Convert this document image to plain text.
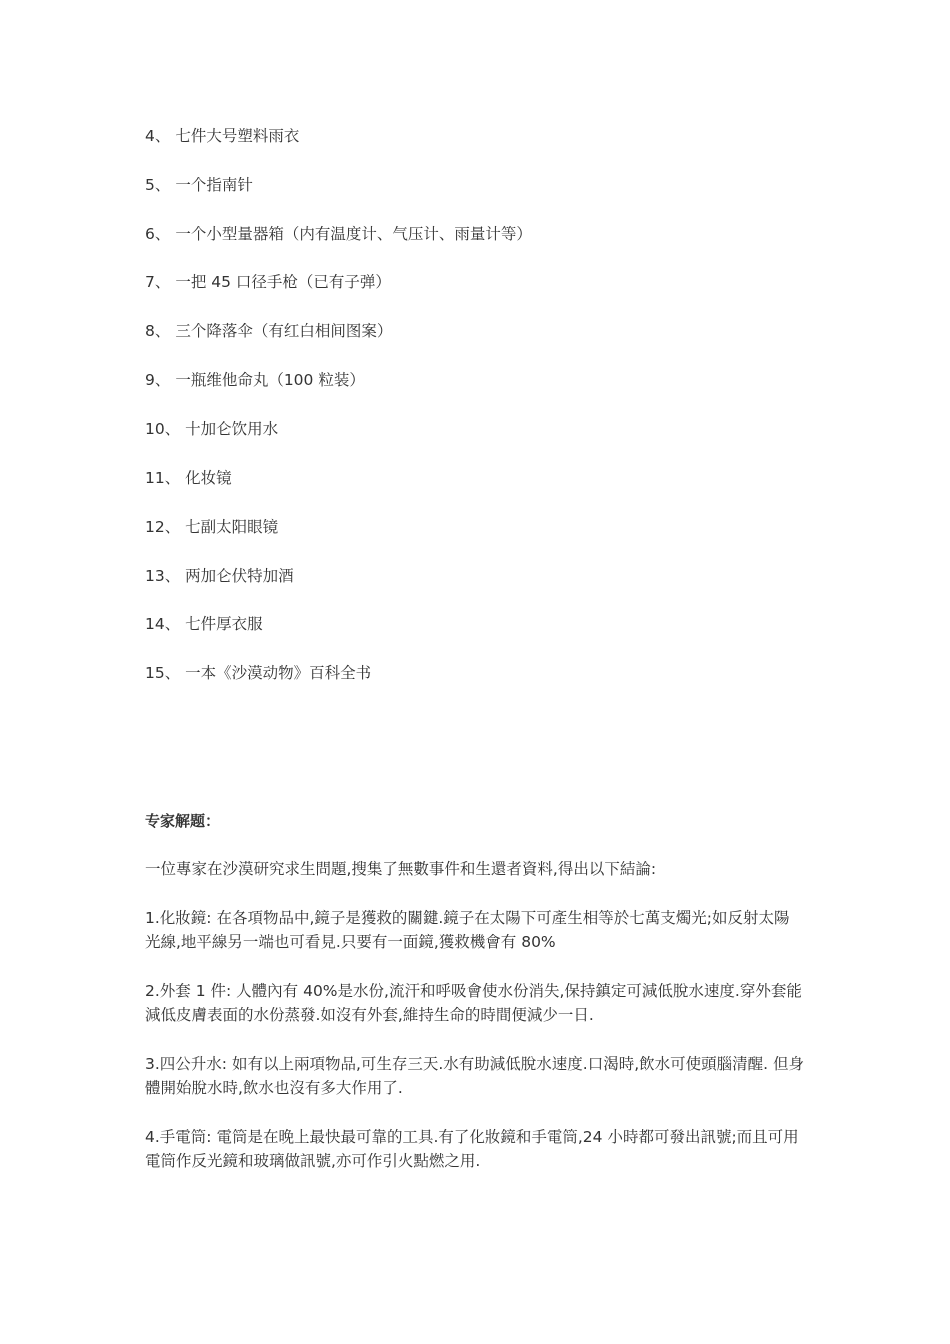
4、 七件大号塑料雨衣
5、 一个指南针
6、 一个小型量器箱（内有温度计、气压计、雨量计等）
7、 一把 45 口径手枪（已有子弹）
8、 三个降落伞（有红白相间图案）
9、 一瓶维他命丸（100 粒装）
10、 十加仑饮用水
11、 化妆镜
12、 七副太阳眼镜
13、 两加仑伏特加酒
14、 七件厚衣服
15、 一本《沙漠动物》百科全书
专家解题：
一位專家在沙漠研究求生問題,搜集了無數事件和生還者資料,得出以下結論:
1.化妝鏡: 在各項物品中,鏡子是獲救的關鍵.鏡子在太陽下可產生相等於七萬支燭光;如反射太陽光線,地平線另一端也可看見.只要有一面鏡,獲救機會有 80%
2.外套 1 件: 人體內有 40%是水份,流汗和呼吸會使水份消失,保持鎮定可減低脫水速度.穿外套能減低皮膚表面的水份蒸發.如沒有外套,維持生命的時間便減少一日.
3.四公升水: 如有以上兩項物品,可生存三天.水有助減低脫水速度.口渴時,飲水可使頭腦清醒. 但身體開始脫水時,飲水也沒有多大作用了.
4.手電筒: 電筒是在晚上最快最可靠的工具.有了化妝鏡和手電筒,24 小時都可發出訊號;而且可用電筒作反光鏡和玻璃做訊號,亦可作引火點燃之用.
